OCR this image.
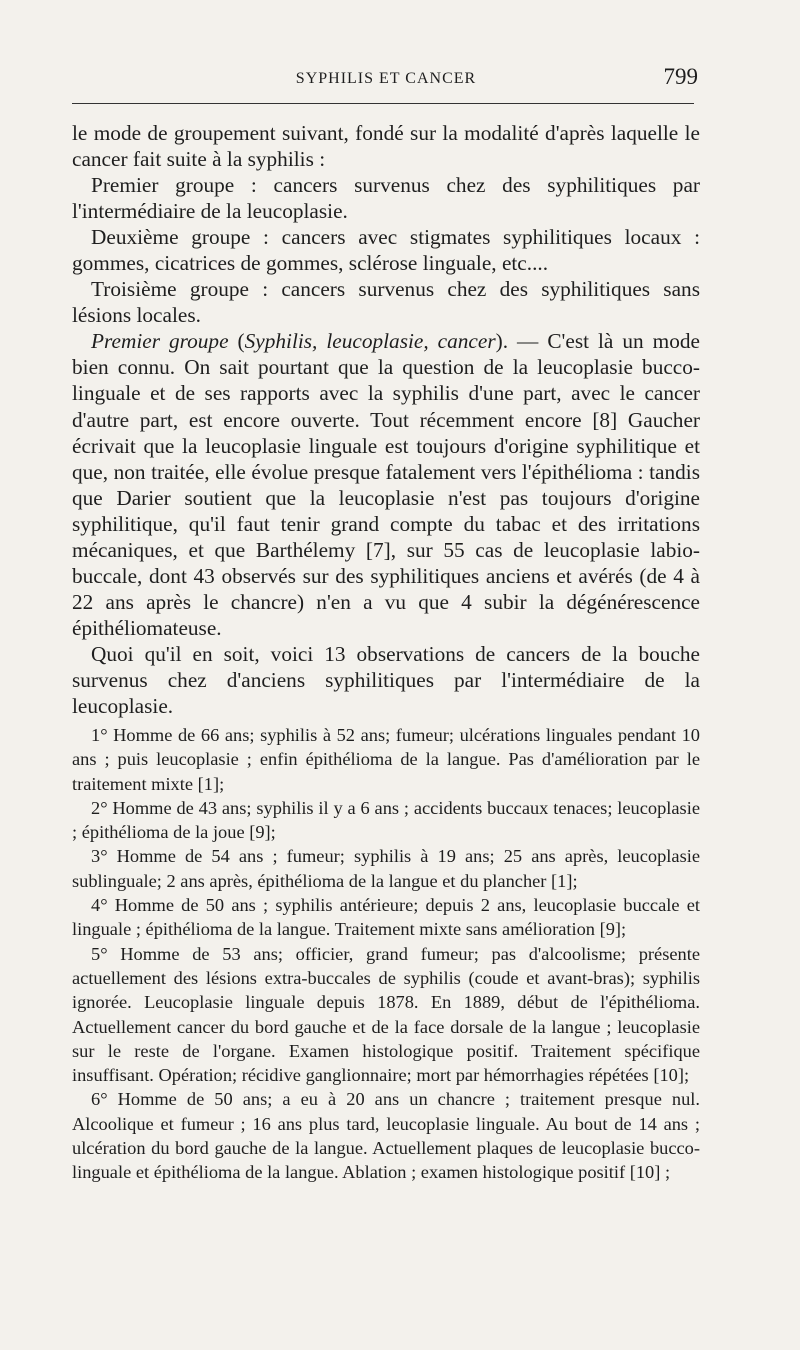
SYPHILIS ET CANCER	799

le mode de groupement suivant, fondé sur la modalité d'après laquelle le cancer fait suite à la syphilis :

Premier groupe : cancers survenus chez des syphilitiques par l'intermédiaire de la leucoplasie.

Deuxième groupe : cancers avec stigmates syphilitiques locaux : gommes, cicatrices de gommes, sclérose linguale, etc....

Troisième groupe : cancers survenus chez des syphilitiques sans lésions locales.

Premier groupe (Syphilis, leucoplasie, cancer). — C'est là un mode bien connu. On sait pourtant que la question de la leucoplasie bucco-linguale et de ses rapports avec la syphilis d'une part, avec le cancer d'autre part, est encore ouverte. Tout récemment encore [8] Gaucher écrivait que la leucoplasie linguale est toujours d'origine syphilitique et que, non traitée, elle évolue presque fatalement vers l'épithélioma : tandis que Darier soutient que la leucoplasie n'est pas toujours d'origine syphilitique, qu'il faut tenir grand compte du tabac et des irritations mécaniques, et que Barthélemy [7], sur 55 cas de leucoplasie labio-buccale, dont 43 observés sur des syphilitiques anciens et avérés (de 4 à 22 ans après le chancre) n'en a vu que 4 subir la dégénérescence épithéliomateuse.

Quoi qu'il en soit, voici 13 observations de cancers de la bouche survenus chez d'anciens syphilitiques par l'intermédiaire de la leucoplasie.

1° Homme de 66 ans; syphilis à 52 ans; fumeur; ulcérations linguales pendant 10 ans ; puis leucoplasie ; enfin épithélioma de la langue. Pas d'amélioration par le traitement mixte [1];

2° Homme de 43 ans; syphilis il y a 6 ans ; accidents buccaux tenaces; leucoplasie ; épithélioma de la joue [9];

3° Homme de 54 ans ; fumeur; syphilis à 19 ans; 25 ans après, leucoplasie sublinguale; 2 ans après, épithélioma de la langue et du plancher [1];

4° Homme de 50 ans ; syphilis antérieure; depuis 2 ans, leucoplasie buccale et linguale ; épithélioma de la langue. Traitement mixte sans amélioration [9];

5° Homme de 53 ans; officier, grand fumeur; pas d'alcoolisme; présente actuellement des lésions extra-buccales de syphilis (coude et avant-bras); syphilis ignorée. Leucoplasie linguale depuis 1878. En 1889, début de l'épithélioma. Actuellement cancer du bord gauche et de la face dorsale de la langue ; leucoplasie sur le reste de l'organe. Examen histologique positif. Traitement spécifique insuffisant. Opération; récidive ganglionnaire; mort par hémorrhagies répétées [10];

6° Homme de 50 ans; a eu à 20 ans un chancre ; traitement presque nul. Alcoolique et fumeur ; 16 ans plus tard, leucoplasie linguale. Au bout de 14 ans ; ulcération du bord gauche de la langue. Actuellement plaques de leucoplasie bucco-linguale et épithélioma de la langue. Ablation ; examen histologique positif [10] ;
